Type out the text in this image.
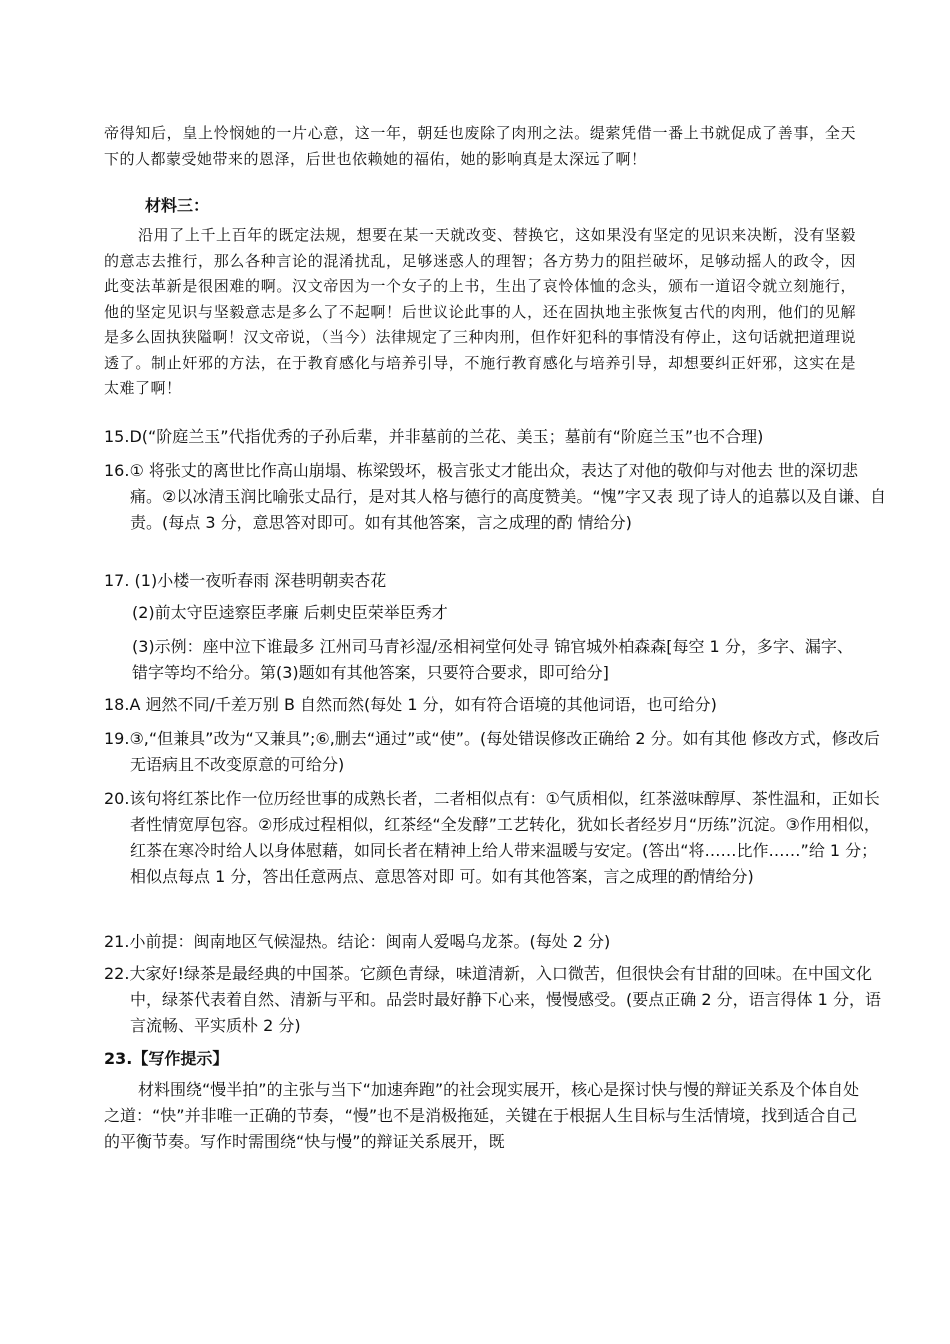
帝得知后，皇上怜悯她的一片心意，这一年，朝廷也废除了肉刑之法。缇萦凭借一番上书就促成了善事，全天下的人都蒙受她带来的恩泽，后世也依赖她的福佑，她的影响真是太深远了啊！
材料三：
沿用了上千上百年的既定法规，想要在某一天就改变、替换它，这如果没有坚定的见识来决断，没有坚毅的意志去推行，那么各种言论的混淆扰乱，足够迷惑人的理智；各方势力的阻拦破坏，足够动摇人的政令，因此变法革新是很困难的啊。汉文帝因为一个女子的上书，生出了哀怜体恤的念头，颁布一道诏令就立刻施行，他的坚定见识与坚毅意志是多么了不起啊！后世议论此事的人，还在固执地主张恢复古代的肉刑，他们的见解是多么固执狭隘啊！汉文帝说，（当今）法律规定了三种肉刑，但作奸犯科的事情没有停止，这句话就把道理说透了。制止奸邪的方法，在于教育感化与培养引导，不施行教育感化与培养引导，却想要纠正奸邪，这实在是太难了啊！
15.D(“阶庭兰玉”代指优秀的子孙后辈，并非墓前的兰花、美玉；墓前有“阶庭兰玉”也不合理)
16.① 将张丈的离世比作高山崩塌、栋梁毁坏，极言张丈才能出众，表达了对他的敬仰与对他去 世的深切悲痛。②以冰清玉润比喻张丈品行，是对其人格与德行的高度赞美。“愧”字又表 现了诗人的追慕以及自谦、自责。(每点 3 分，意思答对即可。如有其他答案，言之成理的酌 情给分)
17. (1)小楼一夜听春雨 深巷明朝卖杏花
(2)前太守臣逵察臣孝廉 后刺史臣荣举臣秀才
(3)示例：座中泣下谁最多 江州司马青衫湿/丞相祠堂何处寻 锦官城外柏森森[每空 1 分，多字、漏字、错字等均不给分。第(3)题如有其他答案，只要符合要求，即可给分]
18.A 迥然不同/千差万别 B 自然而然(每处 1 分，如有符合语境的其他词语，也可给分)
19.③,“但兼具”改为“又兼具”;⑥,删去“通过”或“使”。(每处错误修改正确给 2 分。如有其他 修改方式，修改后无语病且不改变原意的可给分)
20.该句将红茶比作一位历经世事的成熟长者，二者相似点有：①气质相似，红茶滋味醇厚、茶性温和，正如长者性情宽厚包容。②形成过程相似，红茶经“全发酵”工艺转化，犹如长者经岁月“历练”沉淀。③作用相似，红茶在寒冷时给人以身体慰藉，如同长者在精神上给人带来温暖与安定。(答出“将……比作……”给 1 分；相似点每点 1 分，答出任意两点、意思答对即 可。如有其他答案，言之成理的酌情给分)
21.小前提：闽南地区气候湿热。结论：闽南人爱喝乌龙茶。(每处 2 分)
22.大家好!绿茶是最经典的中国茶。它颜色青绿，味道清新，入口微苦，但很快会有甘甜的回味。在中国文化中，绿茶代表着自然、清新与平和。品尝时最好静下心来，慢慢感受。(要点正确 2 分，语言得体 1 分，语言流畅、平实质朴 2 分)
23.【写作提示】
材料围绕“慢半拍”的主张与当下“加速奔跑”的社会现实展开，核心是探讨快与慢的辩证关系及个体自处之道：“快”并非唯一正确的节奏，“慢”也不是消极拖延，关键在于根据人生目标与生活情境，找到适合自己的平衡节奏。写作时需围绕“快与慢”的辩证关系展开，既
